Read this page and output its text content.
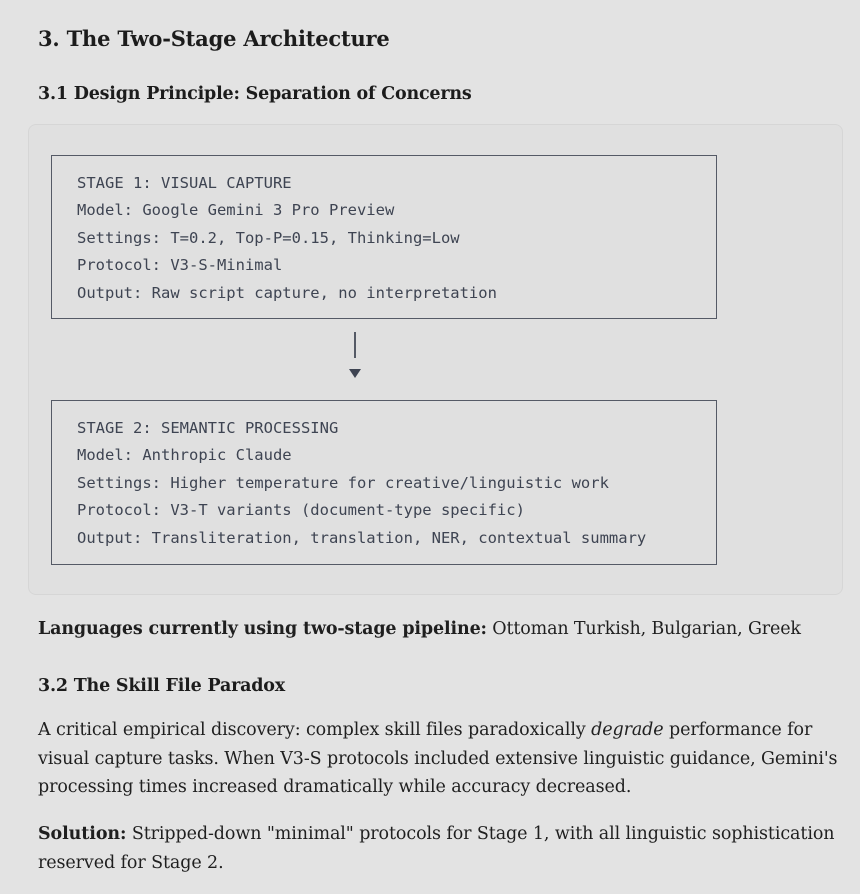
3. The Two-Stage Architecture
3.1 Design Principle: Separation of Concerns
STAGE 1: VISUAL CAPTURE
Model: Google Gemini 3 Pro Preview
Settings: T=0.2, Top-P=0.15, Thinking=Low
Protocol: V3-S-Minimal
Output: Raw script capture, no interpretation
STAGE 2: SEMANTIC PROCESSING
Model: Anthropic Claude
Settings: Higher temperature for creative/linguistic work
Protocol: V3-T variants (document-type specific)
Output: Transliteration, translation, NER, contextual summary

Languages currently using two-stage pipeline: Ottoman Turkish, Bulgarian, Greek

3.2 The Skill File Paradox

A critical empirical discovery: complex skill files paradoxically degrade performance for visual capture tasks. When V3-S protocols included extensive linguistic guidance, Gemini's processing times increased dramatically while accuracy decreased.

Solution: Stripped-down "minimal" protocols for Stage 1, with all linguistic sophistication reserved for Stage 2.
